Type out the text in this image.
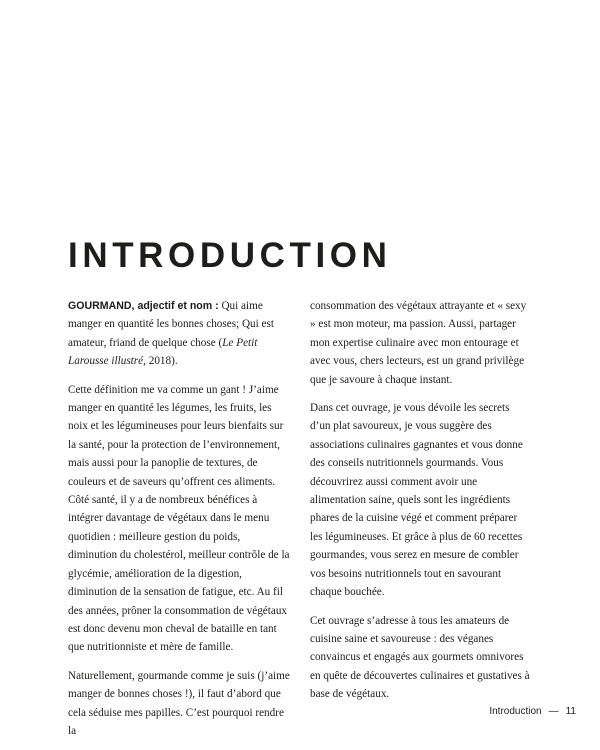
INTRODUCTION

GOURMAND, adjectif et nom : Qui aime manger en quantité les bonnes choses; Qui est amateur, friand de quelque chose (Le Petit Larousse illustré, 2018).

Cette définition me va comme un gant ! J’aime manger en quantité les légumes, les fruits, les noix et les légumineuses pour leurs bienfaits sur la santé, pour la protection de l’environnement, mais aussi pour la panoplie de textures, de couleurs et de saveurs qu’offrent ces aliments. Côté santé, il y a de nombreux bénéfices à intégrer davantage de végétaux dans le menu quotidien : meilleure gestion du poids, diminution du cholestérol, meilleur contrôle de la glycémie, amélioration de la digestion, diminution de la sensation de fatigue, etc. Au fil des années, prôner la consommation de végétaux est donc devenu mon cheval de bataille en tant que nutritionniste et mère de famille.

Naturellement, gourmande comme je suis (j’aime manger de bonnes choses !), il faut d’abord que cela séduise mes papilles. C’est pourquoi rendre la

consommation des végétaux attrayante et « sexy » est mon moteur, ma passion. Aussi, partager mon expertise culinaire avec mon entourage et avec vous, chers lecteurs, est un grand privilège que je savoure à chaque instant.

Dans cet ouvrage, je vous dévoile les secrets d’un plat savoureux, je vous suggère des associations culinaires gagnantes et vous donne des conseils nutritionnels gourmands. Vous découvrirez aussi comment avoir une alimentation saine, quels sont les ingrédients phares de la cuisine végé et comment préparer les légumineuses. Et grâce à plus de 60 recettes gourmandes, vous serez en mesure de combler vos besoins nutritionnels tout en savourant chaque bouchée.

Cet ouvrage s’adresse à tous les amateurs de cuisine saine et savoureuse : des véganes convaincus et engagés aux gourmets omnivores en quête de découvertes culinaires et gustatives à base de végétaux.

Introduction — 11
